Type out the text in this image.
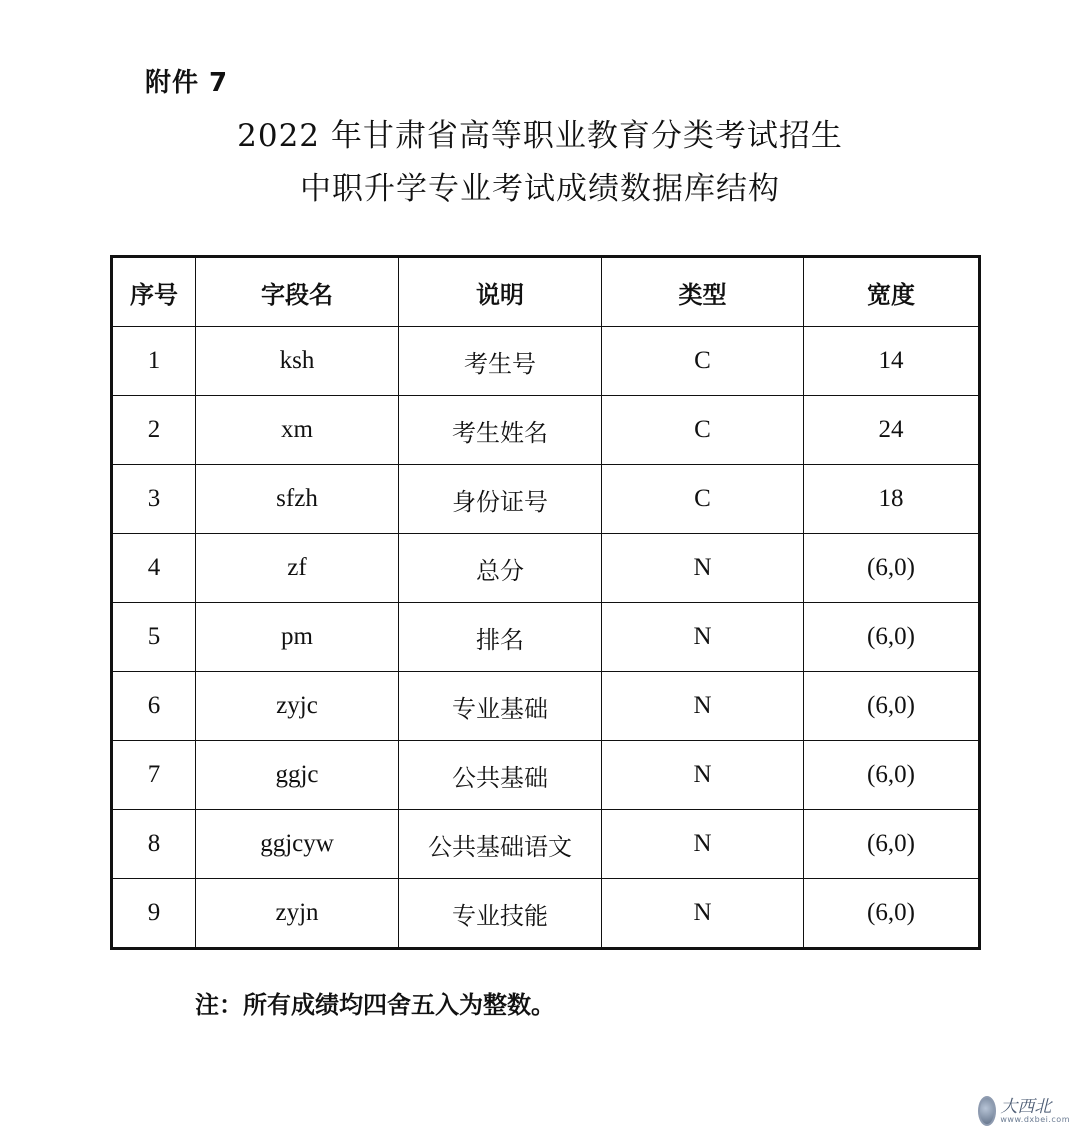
附件 7
2022 年甘肃省高等职业教育分类考试招生
中职升学专业考试成绩数据库结构
序号	字段名	说明	类型	宽度
1	ksh	考生号	C	14
2	xm	考生姓名	C	24
3	sfzh	身份证号	C	18
4	zf	总分	N	(6,0)
5	pm	排名	N	(6,0)
6	zyjc	专业基础	N	(6,0)
7	ggjc	公共基础	N	(6,0)
8	ggjcyw	公共基础语文	N	(6,0)
9	zyjn	专业技能	N	(6,0)
注：所有成绩均四舍五入为整数。
大西北
www.dxbei.com
